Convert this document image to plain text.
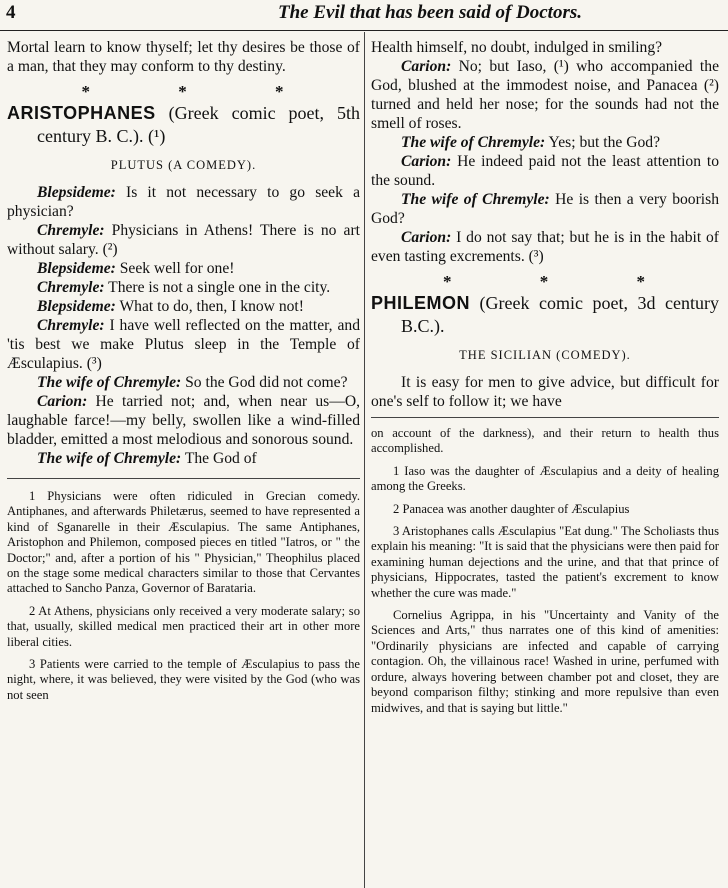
4	The Evil that has been said of Doctors.

Mortal learn to know thyself; let thy desires be those of a man, that they may conform to thy destiny.

* * *

ARISTOPHANES (Greek comic poet, 5th century B. C.). (¹)

PLUTUS (A COMEDY).

Blepsideme: Is it not necessary to go seek a physician?

Chremyle: Physicians in Athens! There is no art without salary. (²)

Blepsideme: Seek well for one!

Chremyle: There is not a single one in the city.

Blepsideme: What to do, then, I know not!

Chremyle: I have well reflected on the matter, and 'tis best we make Plutus sleep in the Temple of Æsculapius. (³)

The wife of Chremyle: So the God did not come?

Carion: He tarried not; and, when near us—O, laughable farce!—my belly, swollen like a wind-filled bladder, emitted a most melodious and sonorous sound.

The wife of Chremyle: The God of

1 Physicians were often ridiculed in Grecian comedy. Antiphanes, and afterwards Philetærus, seemed to have represented a kind of Sganarelle in their Æsculapius. The same Antiphanes, Aristophon and Philemon, composed pieces en titled "Iatros, or " the Doctor;" and, after a portion of his " Physician," Theophilus placed on the stage some medical characters similar to those that Cervantes attached to Sancho Panza, Governor of Barataria.

2 At Athens, physicians only received a very moderate salary; so that, usually, skilled medical men practiced their art in other more liberal cities.

3 Patients were carried to the temple of Æsculapius to pass the night, where, it was believed, they were visited by the God (who was not seen

Health himself, no doubt, indulged in smiling?

Carion: No; but Iaso, (¹) who accompanied the God, blushed at the immodest noise, and Panacea (²) turned and held her nose; for the sounds had not the smell of roses.

The wife of Chremyle: Yes; but the God?

Carion: He indeed paid not the least attention to the sound.

The wife of Chremyle: He is then a very boorish God?

Carion: I do not say that; but he is in the habit of even tasting excrements. (³)

* * *

PHILEMON (Greek comic poet, 3d century B.C.).

THE SICILIAN (COMEDY).

It is easy for men to give advice, but difficult for one's self to follow it; we have

on account of the darkness), and their return to health thus accomplished.

1 Iaso was the daughter of Æsculapius and a deity of healing among the Greeks.

2 Panacea was another daughter of Æsculapius

3 Aristophanes calls Æsculapius "Eat dung." The Scholiasts thus explain his meaning: "It is said that the physicians were then paid for examining human dejections and the urine, and that that prince of physicians, Hippocrates, tasted the patient's excrement to know whether the cure was made."

Cornelius Agrippa, in his "Uncertainty and Vanity of the Sciences and Arts," thus narrates one of this kind of amenities: "Ordinarily physicians are infected and capable of carrying contagion. Oh, the villainous race! Washed in urine, perfumed with ordure, always hovering between chamber pot and closet, they are beyond comparison filthy; stinking and more repulsive than even midwives, and that is saying but little."
